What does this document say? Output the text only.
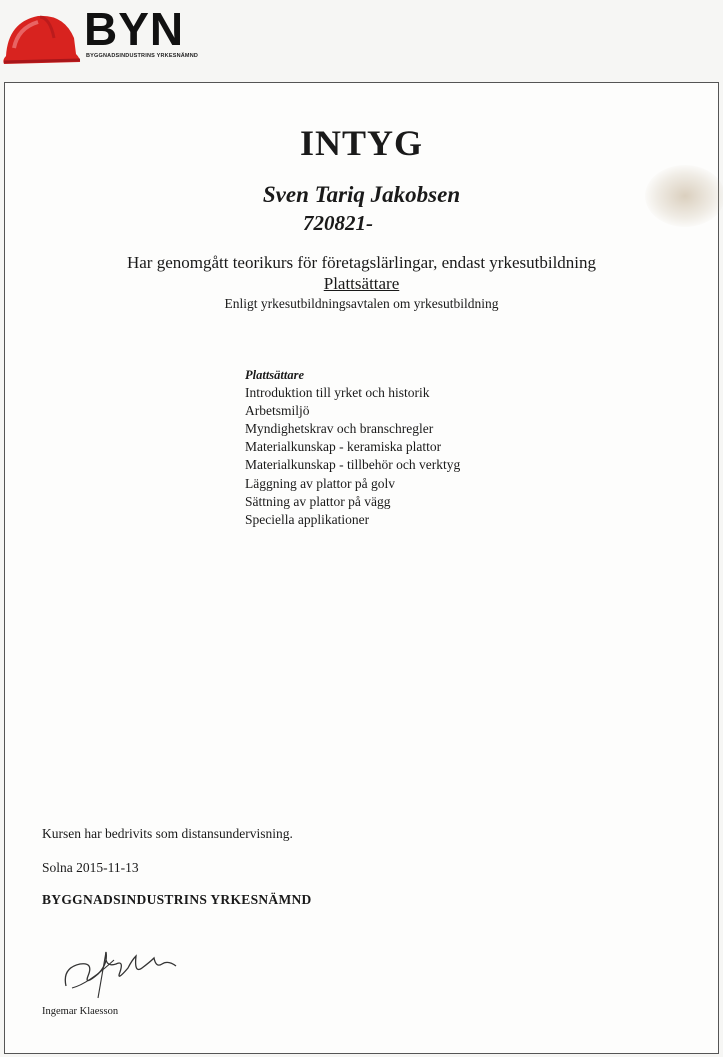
BYN
BYGGNADSINDUSTRINS YRKESNÄMND
INTYG
Sven Tariq Jakobsen
720821-
Har genomgått teorikurs för företagslärlingar, endast yrkesutbildning
Plattsättare
Enligt yrkesutbildningsavtalen om yrkesutbildning
Plattsättare
Introduktion till yrket och historik
Arbetsmiljö
Myndighetskrav och branschregler
Materialkunskap - keramiska plattor
Materialkunskap - tillbehör och verktyg
Läggning av plattor på golv
Sättning av plattor på vägg
Speciella applikationer
Kursen har bedrivits som distansundervisning.
Solna 2015-11-13
BYGGNADSINDUSTRINS YRKESNÄMND
Ingemar Klaesson
